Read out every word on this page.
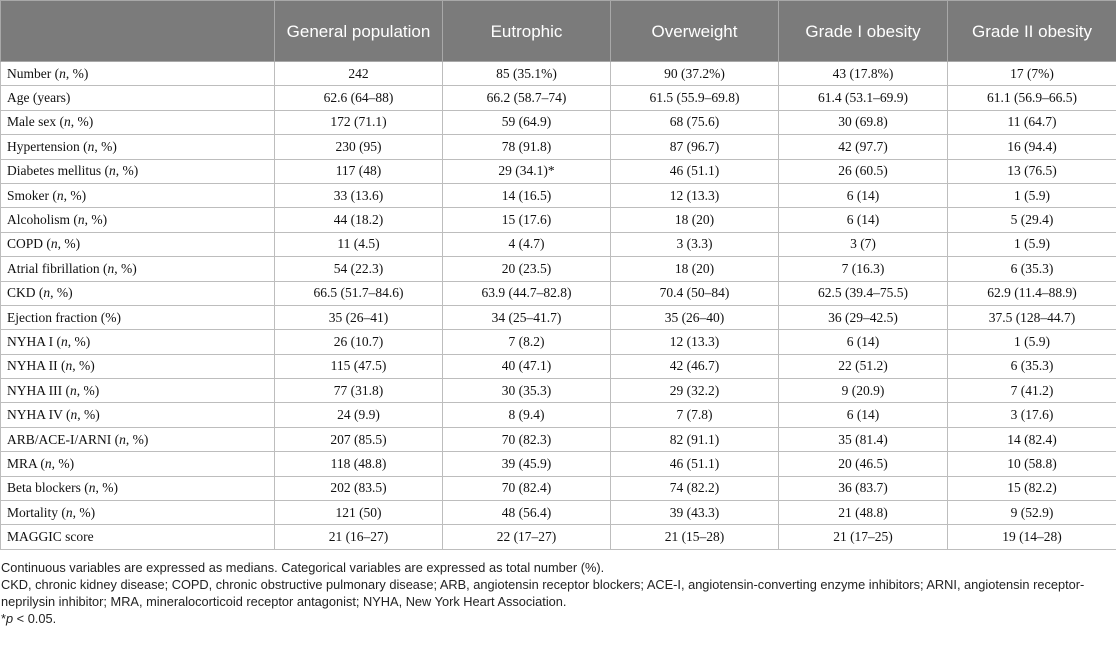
	General population	Eutrophic	Overweight	Grade I obesity	Grade II obesity
Number (n, %)	242	85 (35.1%)	90 (37.2%)	43 (17.8%)	17 (7%)
Age (years)	62.6 (64–88)	66.2 (58.7–74)	61.5 (55.9–69.8)	61.4 (53.1–69.9)	61.1 (56.9–66.5)
Male sex (n, %)	172 (71.1)	59 (64.9)	68 (75.6)	30 (69.8)	11 (64.7)
Hypertension (n, %)	230 (95)	78 (91.8)	87 (96.7)	42 (97.7)	16 (94.4)
Diabetes mellitus (n, %)	117 (48)	29 (34.1)*	46 (51.1)	26 (60.5)	13 (76.5)
Smoker (n, %)	33 (13.6)	14 (16.5)	12 (13.3)	6 (14)	1 (5.9)
Alcoholism (n, %)	44 (18.2)	15 (17.6)	18 (20)	6 (14)	5 (29.4)
COPD (n, %)	11 (4.5)	4 (4.7)	3 (3.3)	3 (7)	1 (5.9)
Atrial fibrillation (n, %)	54 (22.3)	20 (23.5)	18 (20)	7 (16.3)	6 (35.3)
CKD (n, %)	66.5 (51.7–84.6)	63.9 (44.7–82.8)	70.4 (50–84)	62.5 (39.4–75.5)	62.9 (11.4–88.9)
Ejection fraction (%)	35 (26–41)	34 (25–41.7)	35 (26–40)	36 (29–42.5)	37.5 (128–44.7)
NYHA I (n, %)	26 (10.7)	7 (8.2)	12 (13.3)	6 (14)	1 (5.9)
NYHA II (n, %)	115 (47.5)	40 (47.1)	42 (46.7)	22 (51.2)	6 (35.3)
NYHA III (n, %)	77 (31.8)	30 (35.3)	29 (32.2)	9 (20.9)	7 (41.2)
NYHA IV (n, %)	24 (9.9)	8 (9.4)	7 (7.8)	6 (14)	3 (17.6)
ARB/ACE-I/ARNI (n, %)	207 (85.5)	70 (82.3)	82 (91.1)	35 (81.4)	14 (82.4)
MRA (n, %)	118 (48.8)	39 (45.9)	46 (51.1)	20 (46.5)	10 (58.8)
Beta blockers (n, %)	202 (83.5)	70 (82.4)	74 (82.2)	36 (83.7)	15 (82.2)
Mortality (n, %)	121 (50)	48 (56.4)	39 (43.3)	21 (48.8)	9 (52.9)
MAGGIC score	21 (16–27)	22 (17–27)	21 (15–28)	21 (17–25)	19 (14–28)

Continuous variables are expressed as medians. Categorical variables are expressed as total number (%).

CKD, chronic kidney disease; COPD, chronic obstructive pulmonary disease; ARB, angiotensin receptor blockers; ACE-I, angiotensin-converting enzyme inhibitors; ARNI, angiotensin receptor-neprilysin inhibitor; MRA, mineralocorticoid receptor antagonist; NYHA, New York Heart Association.

*p < 0.05.
